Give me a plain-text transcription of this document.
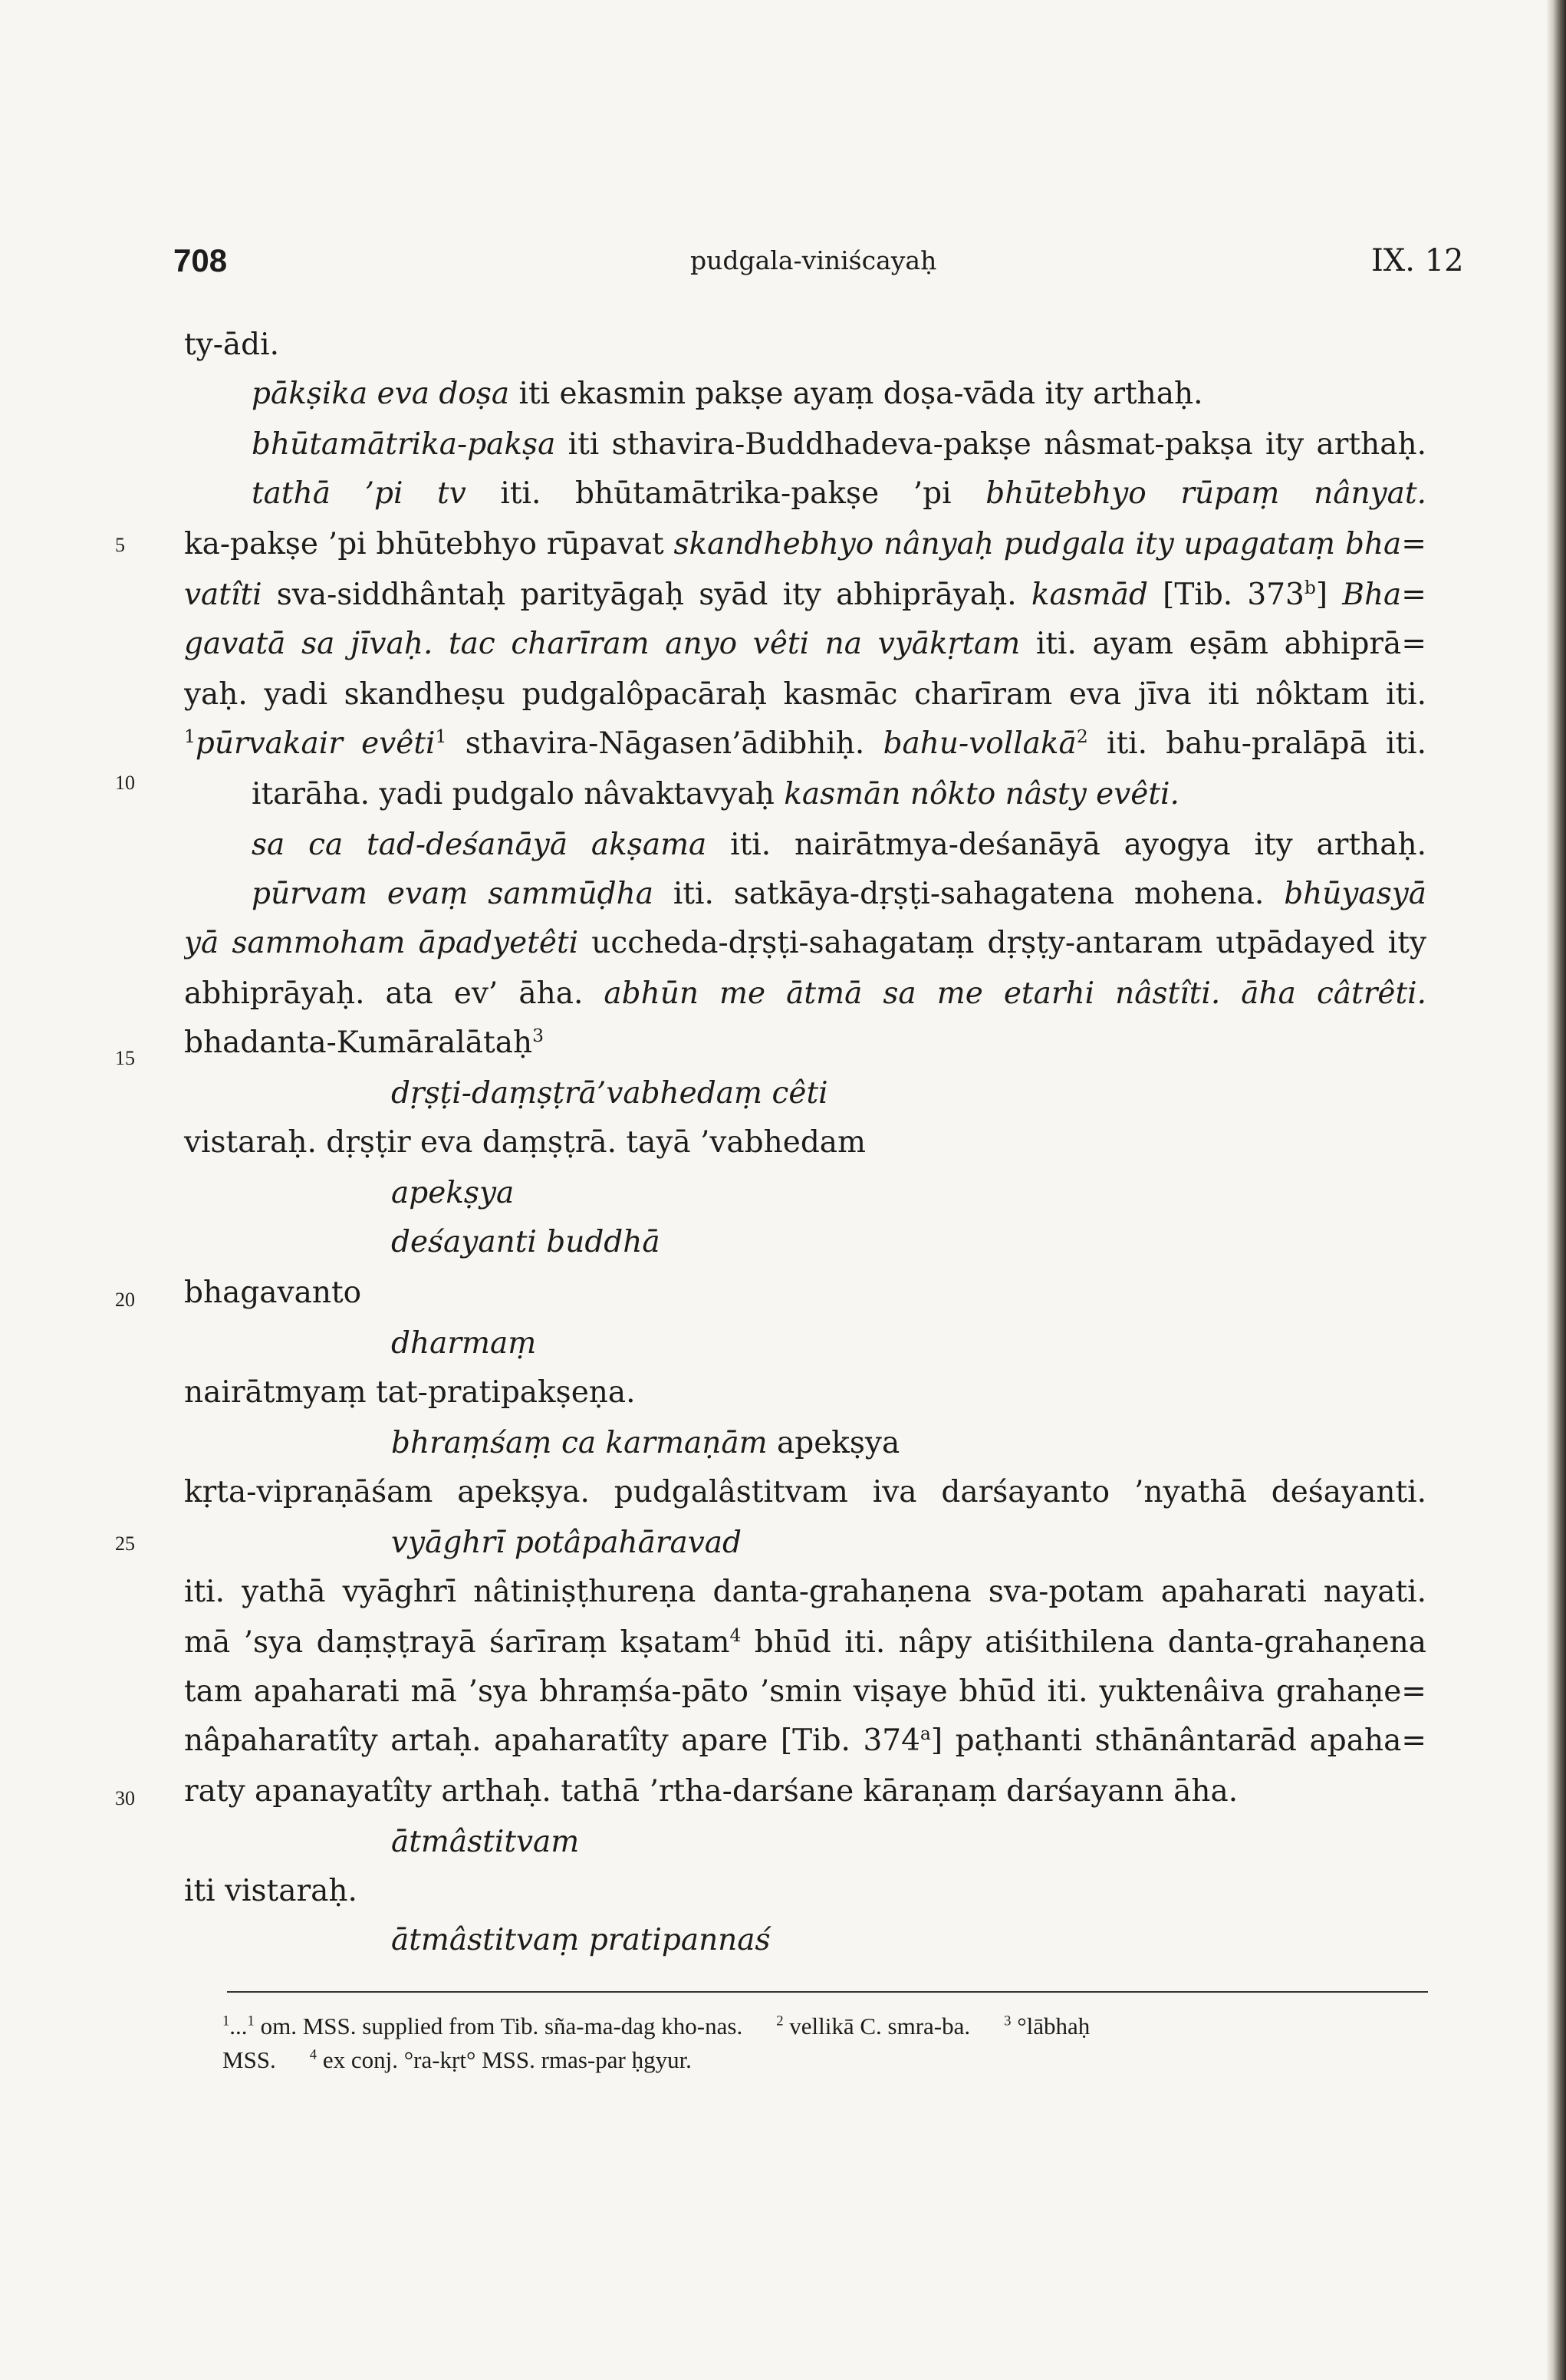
708	pudgala-viniścayaḥ	IX. 12
ty-ādi.
pākṣika eva doṣa iti ekasmin pakṣe ayaṃ doṣa-vāda ity arthaḥ.
bhūtamātrika-pakṣa iti sthavira-Buddhadeva-pakṣe nâsmat-pakṣa ity arthaḥ.
tathā ’pi tv iti. bhūtamātrika-pakṣe ’pi bhūtebhyo rūpaṃ nânyat.
ka-pakṣe ’pi bhūtebhyo rūpavat skandhebhyo nânyaḥ pudgala ity upagataṃ bha=
vatîti sva-siddhântaḥ parityāgaḥ syād ity abhiprāyaḥ. kasmād [Tib. 373$^b$] Bha=
gavatā sa jīvaḥ. tac charīram anyo vêti na vyākṛtam iti. ayam eṣām abhiprā=
yaḥ. yadi skandheṣu pudgalôpacāraḥ kasmāc charīram eva jīva iti nôktam iti.
$^1$pūrvakair evêti$^1$ sthavira-Nāgasen’ādibhiḥ. bahu-vollakā$^2$ iti. bahu-pralāpā iti.
itarāha. yadi pudgalo nâvaktavyaḥ kasmān nôkto nâsty evêti.
sa ca tad-deśanāyā akṣama iti. nairātmya-deśanāyā ayogya ity arthaḥ.
pūrvam evaṃ sammūḍha iti. satkāya-dṛṣṭi-sahagatena mohena. bhūyasyā
yā sammoham āpadyetêti uccheda-dṛṣṭi-sahagataṃ dṛṣṭy-antaram utpādayed ity
abhiprāyaḥ. ata ev’ āha. abhūn me ātmā sa me etarhi nâstîti. āha câtrêti.
bhadanta-Kumāralātaḥ$^3$
dṛṣṭi-daṃṣṭrā’vabhedaṃ cêti
vistaraḥ. dṛṣṭir eva daṃṣṭrā. tayā ’vabhedam
apekṣya
deśayanti buddhā
bhagavanto
dharmaṃ
nairātmyaṃ tat-pratipakṣeṇa.
bhraṃśaṃ ca karmaṇām apekṣya
kṛta-vipraṇāśam apekṣya. pudgalâstitvam iva darśayanto ’nyathā deśayanti.
vyāghrī potâpahāravad
iti. yathā vyāghrī nâtiniṣṭhureṇa danta-grahaṇena sva-potam apaharati nayati.
mā ’sya daṃṣṭrayā śarīraṃ kṣatam$^4$ bhūd iti. nâpy atiśithilena danta-grahaṇena
tam apaharati mā ’sya bhraṃśa-pāto ’smin viṣaye bhūd iti. yuktenâiva grahaṇe=
nâpaharatîty artaḥ. apaharatîty apare [Tib. 374$^a$] paṭhanti sthānântarād apaha=
raty apanayatîty arthaḥ. tathā ’rtha-darśane kāraṇaṃ darśayann āha.
ātmâstitvam
iti vistaraḥ.
ātmâstitvaṃ pratipannaś
5
10
15
20
25
30
$^1$...$^1$ om. MSS. supplied from Tib. sña-ma-dag kho-nas. $^2$ vellikā C. smra-ba. $^3$ °lābhaḥ
MSS. $^4$ ex conj. °ra-kṛt° MSS. rmas-par ḥgyur.
